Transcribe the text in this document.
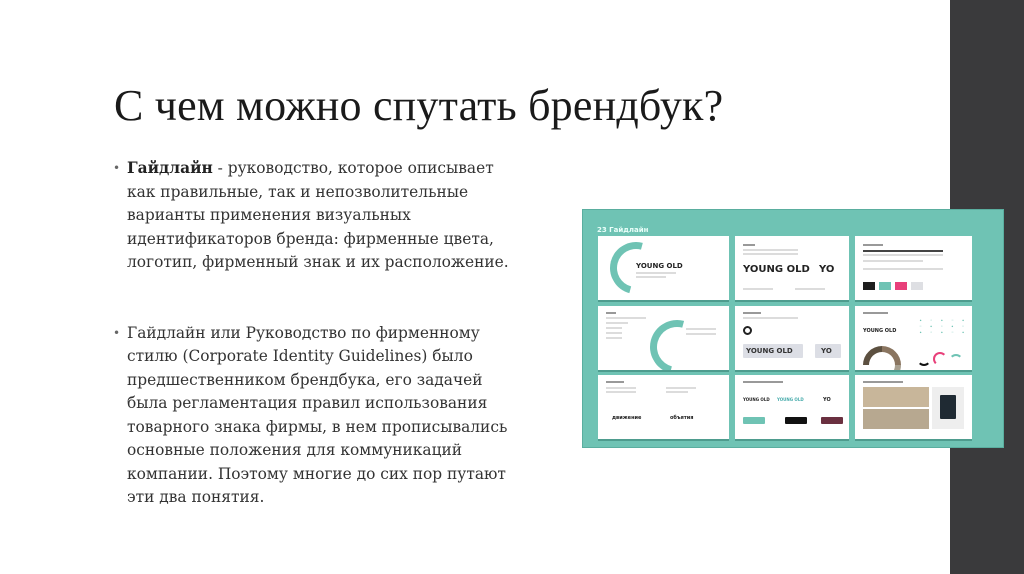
С чем можно спутать брендбук?
• Гайдлайн - руководство, которое описывает
как правильные, так и непозволительные
варианты применения визуальных
идентификаторов бренда: фирменные цвета,
логотип, фирменный знак и их расположение.
• Гайдлайн или Руководство по фирменному
стилю (Corporate Identity Guidelines) было
предшественником брендбука, его задачей
была регламентация правил использования
товарного знака фирмы, в нем прописывались
основные положения для коммуникаций
компании. Поэтому многие до сих пор путают
эти два понятия.
23 Гайдлайн
YOUNG OLD	YOUNG OLD YO
YOUNG OLD	YO
YOUNG OLD
∙ ◦ ∙ ◦ ∙
◦ ∙ ◦ ∙ ◦
∙ ◦ ∙ ◦ ∙
движение	объятия
YOUNG OLD YOUNG OLD	YO
